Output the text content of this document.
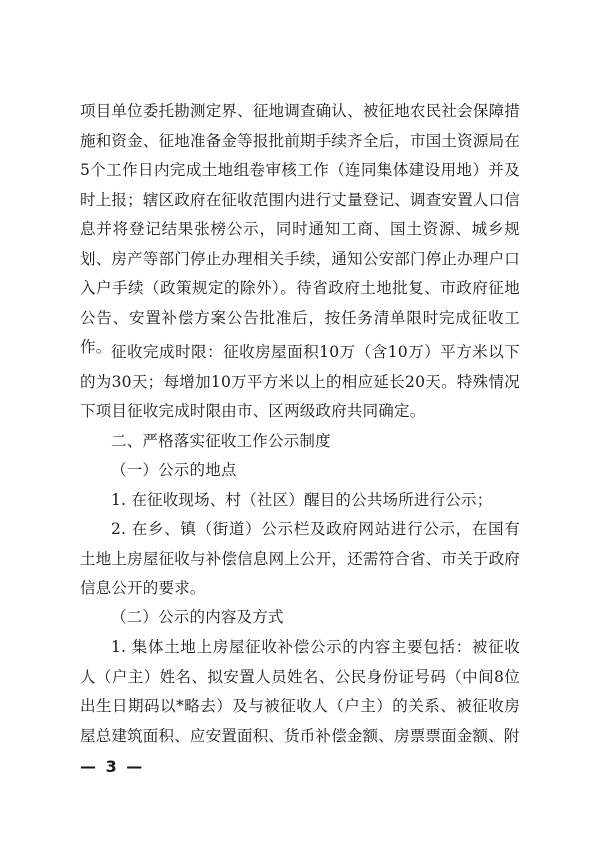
项目单位委托勘测定界、征地调查确认、被征地农民社会保障措施和资金、征地准备金等报批前期手续齐全后，市国土资源局在5个工作日内完成土地组卷审核工作（连同集体建设用地）并及时上报；辖区政府在征收范围内进行丈量登记、调查安置人口信息并将登记结果张榜公示，同时通知工商、国土资源、城乡规划、房产等部门停止办理相关手续，通知公安部门停止办理户口入户手续（政策规定的除外）。待省政府土地批复、市政府征地公告、安置补偿方案公告批准后，按任务清单限时完成征收工作。 征收完成时限：征收房屋面积10万（含10万）平方米以下的为30天；每增加10万平方米以上的相应延长20天。特殊情况下项目征收完成时限由市、区两级政府共同确定。
二、严格落实征收工作公示制度
（一）公示的地点
1. 在征收现场、村（社区）醒目的公共场所进行公示；
2. 在乡、镇（街道）公示栏及政府网站进行公示，在国有土地上房屋征收与补偿信息网上公开，还需符合省、市关于政府信息公开的要求。
（二）公示的内容及方式
1. 集体土地上房屋征收补偿公示的内容主要包括：被征收人（户主）姓名、拟安置人员姓名、公民身份证号码（中间8位出生日期码以*略去）及与被征收人（户主）的关系、被征收房屋总建筑面积、应安置面积、货币补偿金额、房票票面金额、附
— 3 —
